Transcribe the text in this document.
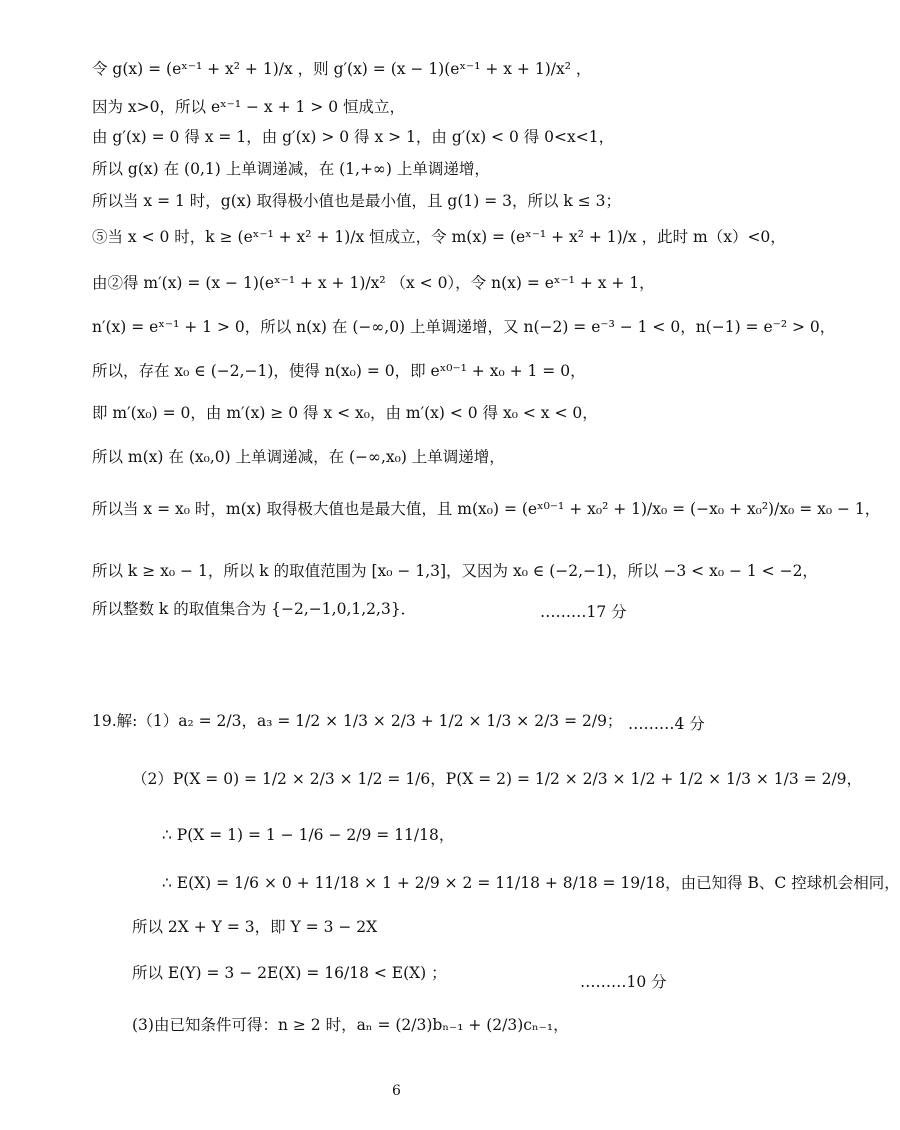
令 g(x) = (eˣ⁻¹ + x² + 1)/x ，则 g′(x) = (x − 1)(eˣ⁻¹ + x + 1)/x² ，
因为 x>0，所以 eˣ⁻¹ − x + 1 > 0 恒成立，
由 g′(x) = 0 得 x = 1，由 g′(x) > 0 得 x > 1，由 g′(x) < 0 得 0<x<1，
所以 g(x) 在 (0,1) 上单调递减，在 (1,+∞) 上单调递增，
所以当 x = 1 时，g(x) 取得极小值也是最小值，且 g(1) = 3，所以 k ≤ 3；
⑤当 x < 0 时，k ≥ (eˣ⁻¹ + x² + 1)/x 恒成立，令 m(x) = (eˣ⁻¹ + x² + 1)/x ，此时 m（x）<0，
由②得 m′(x) = (x − 1)(eˣ⁻¹ + x + 1)/x² （x < 0），令 n(x) = eˣ⁻¹ + x + 1，
n′(x) = eˣ⁻¹ + 1 > 0，所以 n(x) 在 (−∞,0) 上单调递增，又 n(−2) = e⁻³ − 1 < 0，n(−1) = e⁻² > 0，
所以，存在 x₀ ∈ (−2,−1)，使得 n(x₀) = 0，即 eˣ⁰⁻¹ + x₀ + 1 = 0，
即 m′(x₀) = 0，由 m′(x) ≥ 0 得 x < x₀，由 m′(x) < 0 得 x₀ < x < 0，
所以 m(x) 在 (x₀,0) 上单调递减，在 (−∞,x₀) 上单调递增，
所以当 x = x₀ 时，m(x) 取得极大值也是最大值，且 m(x₀) = (eˣ⁰⁻¹ + x₀² + 1)/x₀ = (−x₀ + x₀²)/x₀ = x₀ − 1，
所以 k ≥ x₀ − 1，所以 k 的取值范围为 [x₀ − 1,3]，又因为 x₀ ∈ (−2,−1)，所以 −3 < x₀ − 1 < −2，
所以整数 k 的取值集合为 {−2,−1,0,1,2,3}．	………17 分
19.解:（1）a₂ = 2/3，a₃ = 1/2 × 1/3 × 2/3 + 1/2 × 1/3 × 2/3 = 2/9； ………4 分
（2）P(X = 0) = 1/2 × 2/3 × 1/2 = 1/6，P(X = 2) = 1/2 × 2/3 × 1/2 + 1/2 × 1/3 × 1/3 = 2/9，
∴ P(X = 1) = 1 − 1/6 − 2/9 = 11/18，
∴ E(X) = 1/6 × 0 + 11/18 × 1 + 2/9 × 2 = 11/18 + 8/18 = 19/18，由已知得 B、C 控球机会相同，
所以 2X + Y = 3，即 Y = 3 − 2X
所以 E(Y) = 3 − 2E(X) = 16/18 < E(X) ；	………10 分
(3)由已知条件可得：n ≥ 2 时，aₙ = (2/3)bₙ₋₁ + (2/3)cₙ₋₁，
6
